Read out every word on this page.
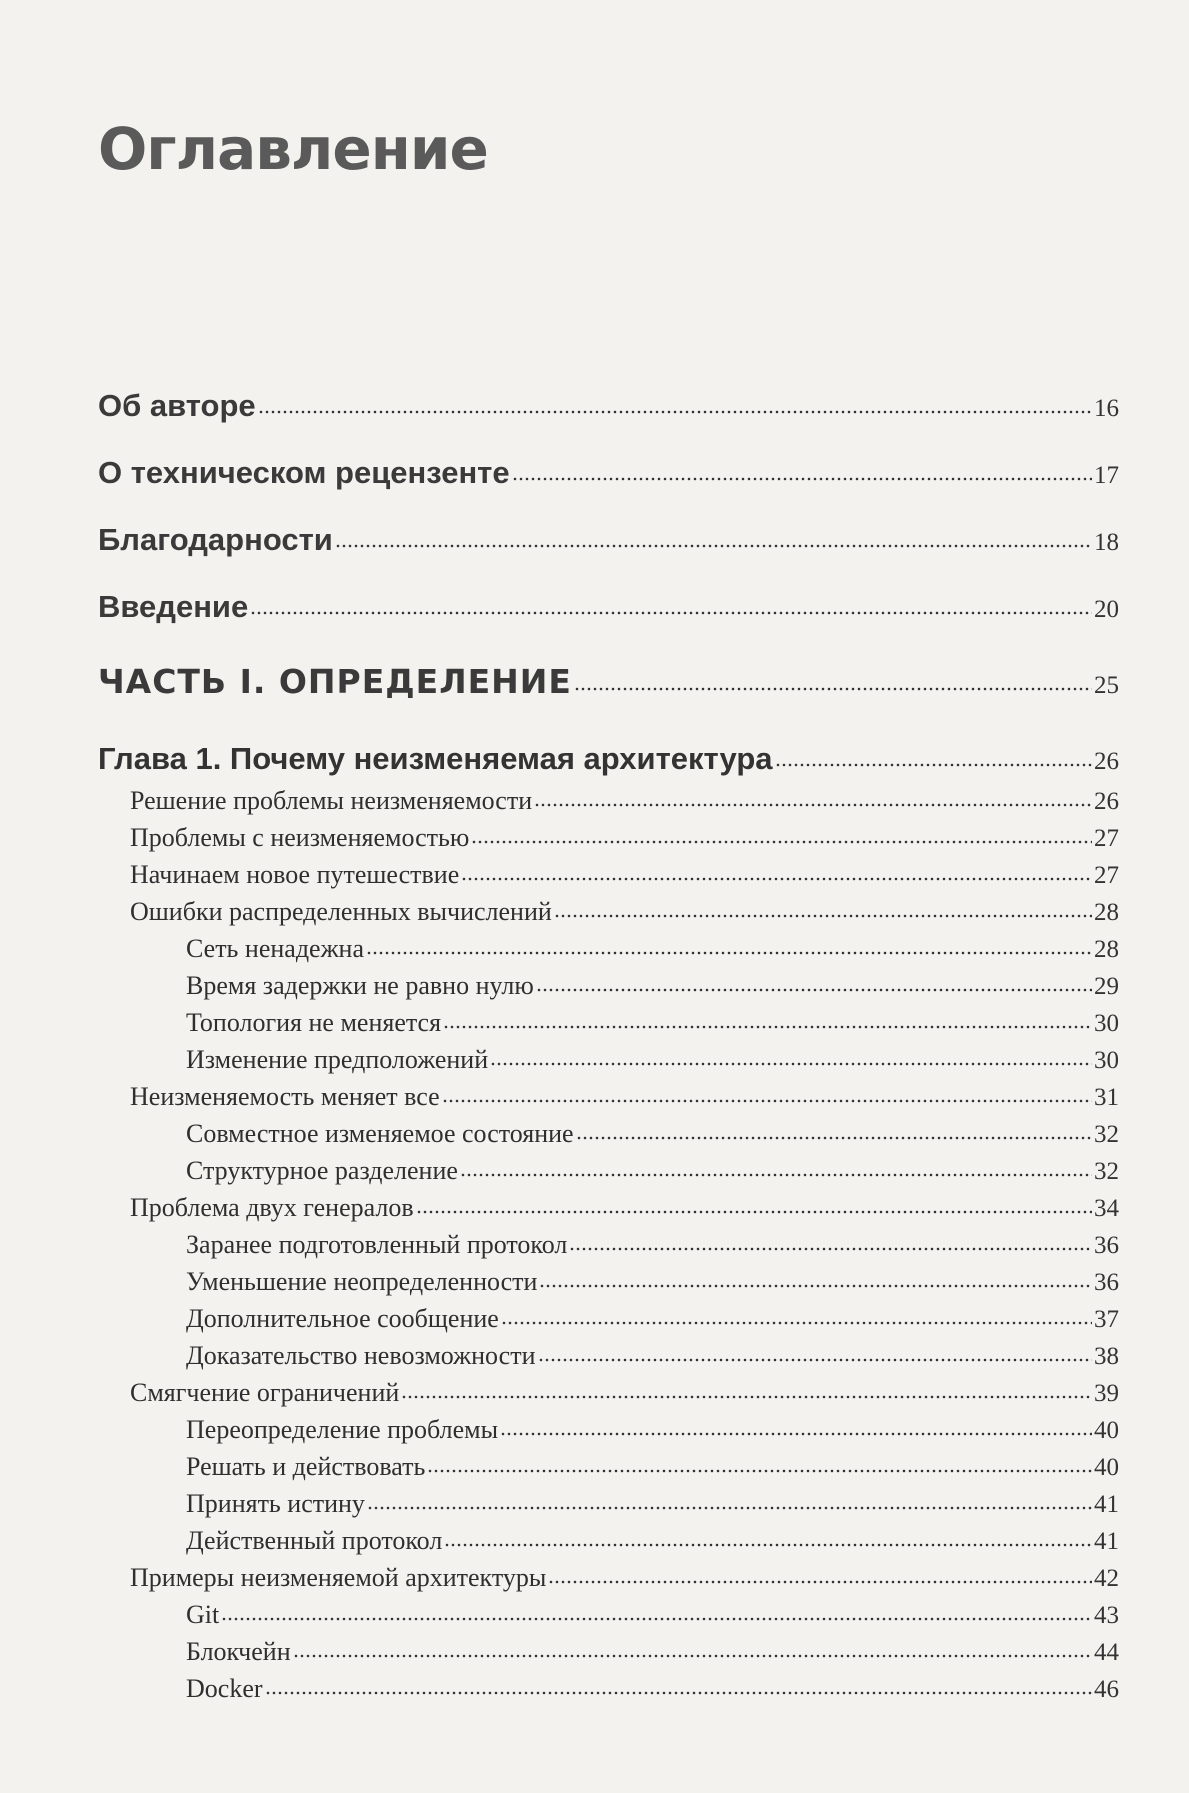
Оглавление
Об авторе	16
О техническом рецензенте	17
Благодарности	18
Введение	20
ЧАСТЬ I. ОПРЕДЕЛЕНИЕ	25
Глава 1. Почему неизменяемая архитектура	26
Решение проблемы неизменяемости	26
Проблемы с неизменяемостью	27
Начинаем новое путешествие	27
Ошибки распределенных вычислений	28
Сеть ненадежна	28
Время задержки не равно нулю	29
Топология не меняется	30
Изменение предположений	30
Неизменяемость меняет все	31
Совместное изменяемое состояние	32
Структурное разделение	32
Проблема двух генералов	34
Заранее подготовленный протокол	36
Уменьшение неопределенности	36
Дополнительное сообщение	37
Доказательство невозможности	38
Смягчение ограничений	39
Переопределение проблемы	40
Решать и действовать	40
Принять истину	41
Действенный протокол	41
Примеры неизменяемой архитектуры	42
Git	43
Блокчейн	44
Docker	46
